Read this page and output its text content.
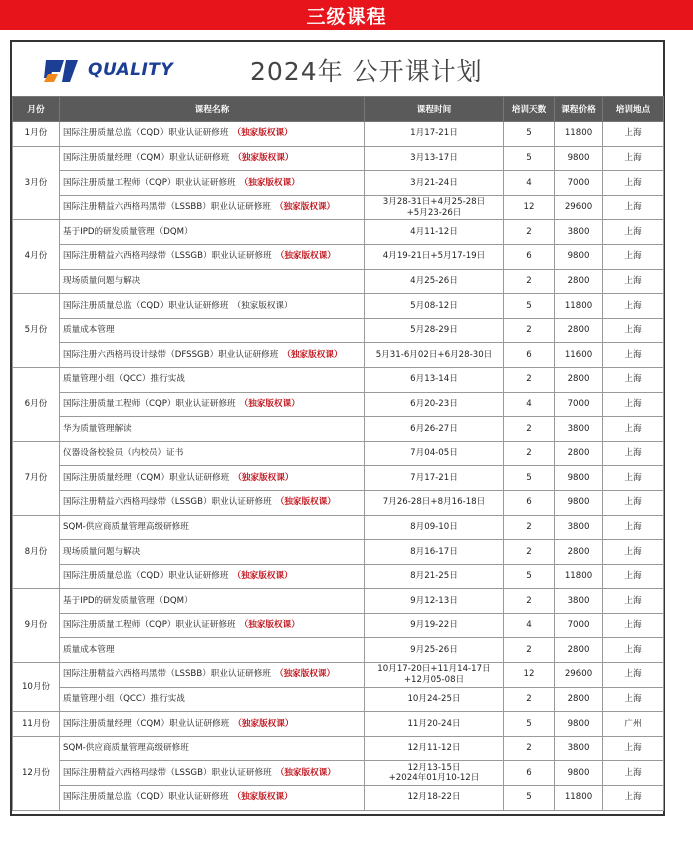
三级课程
QUALITY	2024年 公开课计划
月份	课程名称	课程时间	培训天数	课程价格	培训地点
1月份	国际注册质量总监（CQD）职业认证研修班 （独家版权课）	1月17-21日	5	11800	上海
3月份	国际注册质量经理（CQM）职业认证研修班 （独家版权课）	3月13-17日	5	9800	上海
	国际注册质量工程师（CQP）职业认证研修班 （独家版权课）	3月21-24日	4	7000	上海
	国际注册精益六西格玛黑带（LSSBB）职业认证研修班 （独家版权课）	3月28-31日+4月25-28日
+5月23-26日	12	29600	上海
4月份	基于IPD的研发质量管理（DQM）	4月11-12日	2	3800	上海
	国际注册精益六西格玛绿带（LSSGB）职业认证研修班 （独家版权课）	4月19-21日+5月17-19日	6	9800	上海
	现场质量问题与解决	4月25-26日	2	2800	上海
5月份	国际注册质量总监（CQD）职业认证研修班 （独家版权课）	5月08-12日	5	11800	上海
	质量成本管理	5月28-29日	2	2800	上海
	国际注册六西格玛设计绿带（DFSSGB）职业认证研修班 （独家版权课）	5月31-6月02日+6月28-30日	6	11600	上海
6月份	质量管理小组（QCC）推行实战	6月13-14日	2	2800	上海
	国际注册质量工程师（CQP）职业认证研修班 （独家版权课）	6月20-23日	4	7000	上海
	华为质量管理解读	6月26-27日	2	3800	上海
7月份	仪器设备校验员（内校员）证书	7月04-05日	2	2800	上海
	国际注册质量经理（CQM）职业认证研修班 （独家版权课）	7月17-21日	5	9800	上海
	国际注册精益六西格玛绿带（LSSGB）职业认证研修班 （独家版权课）	7月26-28日+8月16-18日	6	9800	上海
8月份	SQM-供应商质量管理高级研修班	8月09-10日	2	3800	上海
	现场质量问题与解决	8月16-17日	2	2800	上海
	国际注册质量总监（CQD）职业认证研修班 （独家版权课）	8月21-25日	5	11800	上海
9月份	基于IPD的研发质量管理（DQM）	9月12-13日	2	3800	上海
	国际注册质量工程师（CQP）职业认证研修班 （独家版权课）	9月19-22日	4	7000	上海
	质量成本管理	9月25-26日	2	2800	上海
10月份	国际注册精益六西格玛黑带（LSSBB）职业认证研修班 （独家版权课）	10月17-20日+11月14-17日
+12月05-08日	12	29600	上海
	质量管理小组（QCC）推行实战	10月24-25日	2	2800	上海
11月份	国际注册质量经理（CQM）职业认证研修班 （独家版权课）	11月20-24日	5	9800	广州
12月份	SQM-供应商质量管理高级研修班	12月11-12日	2	3800	上海
	国际注册精益六西格玛绿带（LSSGB）职业认证研修班 （独家版权课）	12月13-15日
+2024年01月10-12日	6	9800	上海
	国际注册质量总监（CQD）职业认证研修班 （独家版权课）	12月18-22日	5	11800	上海
